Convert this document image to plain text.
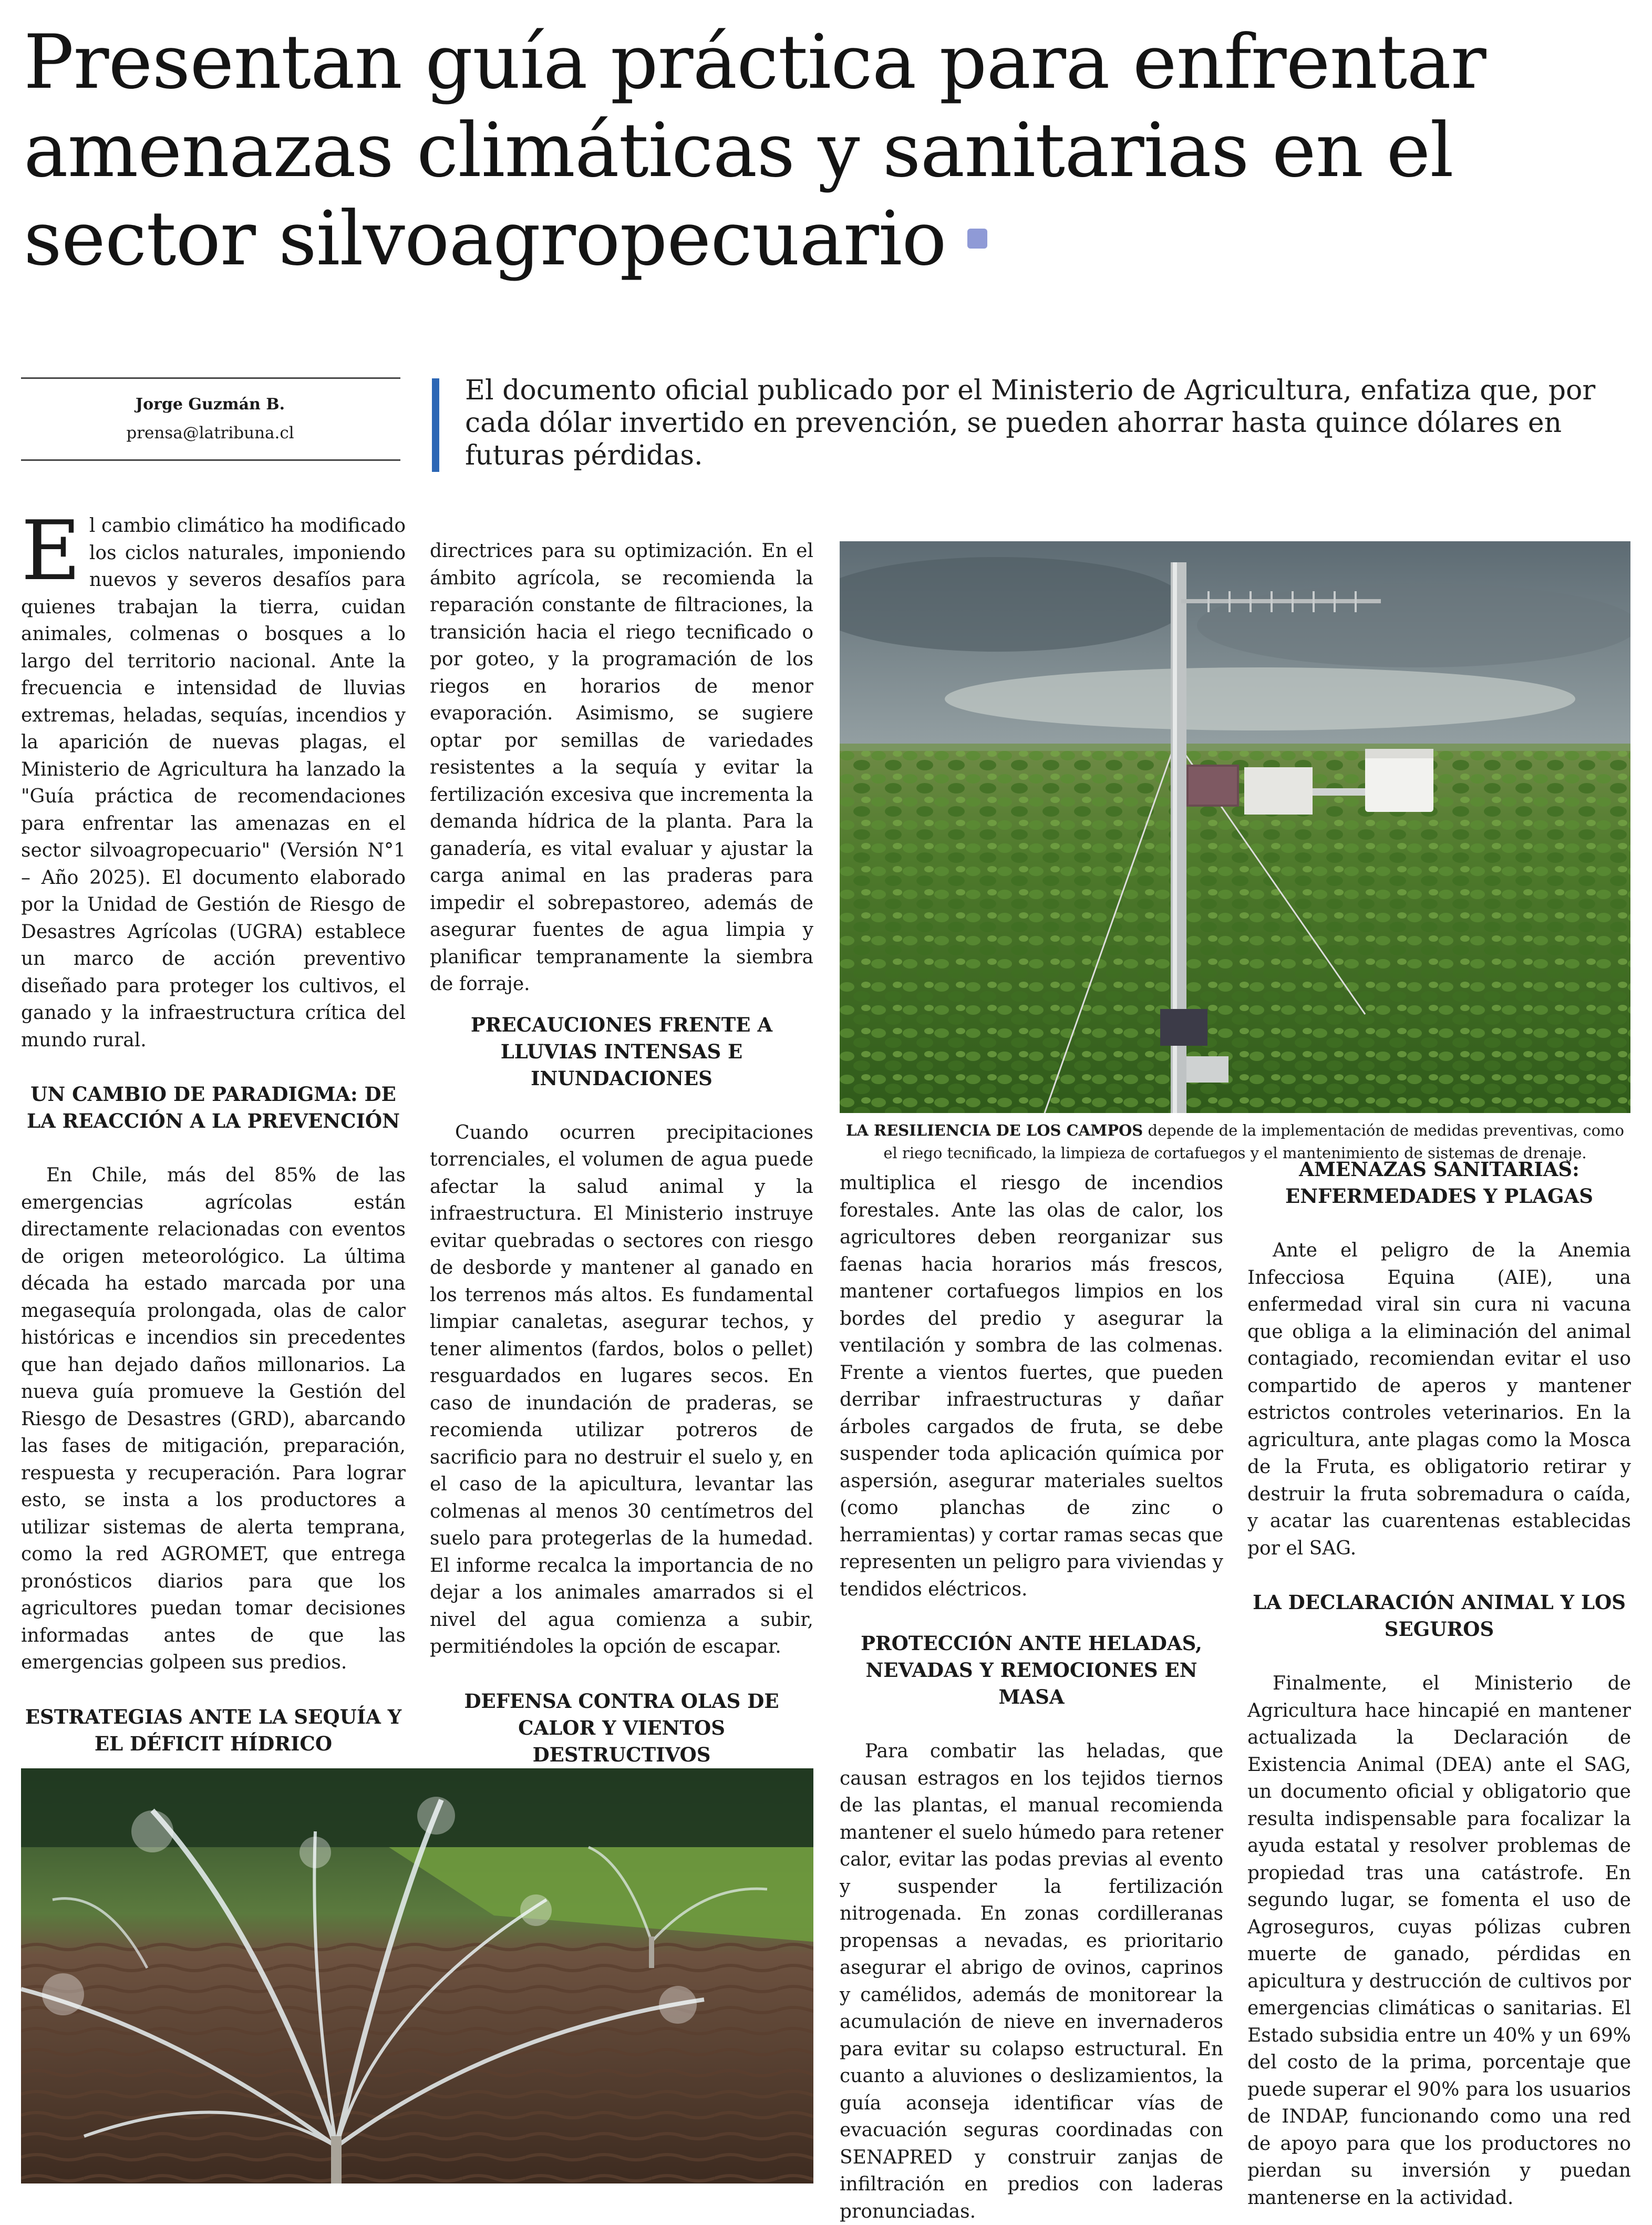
Presentan guía práctica para enfrentar amenazas climáticas y sanitarias en el sector silvoagropecuario
Jorge Guzmán B.
prensa@latribuna.cl
El documento oficial publicado por el Ministerio de Agricultura, enfatiza que, por cada dólar invertido en prevención, se pueden ahorrar hasta quince dólares en futuras pérdidas.

El cambio climático ha modificado los ciclos naturales, imponiendo nuevos y severos desafíos para quienes trabajan la tierra, cuidan animales, colmenas o bosques a lo largo del territorio nacional. Ante la frecuencia e intensidad de lluvias extremas, heladas, sequías, incendios y la aparición de nuevas plagas, el Ministerio de Agricultura ha lanzado la "Guía práctica de recomendaciones para enfrentar las amenazas en el sector silvoagropecuario" (Versión N°1 – Año 2025). El documento elaborado por la Unidad de Gestión de Riesgo de Desastres Agrícolas (UGRA) establece un marco de acción preventivo diseñado para proteger los cultivos, el ganado y la infraestructura crítica del mundo rural.

UN CAMBIO DE PARADIGMA: DE LA REACCIÓN A LA PREVENCIÓN

En Chile, más del 85% de las emergencias agrícolas están directamente relacionadas con eventos de origen meteorológico. La última década ha estado marcada por una megasequía prolongada, olas de calor históricas e incendios sin precedentes que han dejado daños millonarios. La nueva guía promueve la Gestión del Riesgo de Desastres (GRD), abarcando las fases de mitigación, preparación, respuesta y recuperación. Para lograr esto, se insta a los productores a utilizar sistemas de alerta temprana, como la red AGROMET, que entrega pronósticos diarios para que los agricultores puedan tomar decisiones informadas antes de que las emergencias golpeen sus predios.

ESTRATEGIAS ANTE LA SEQUÍA Y EL DÉFICIT HÍDRICO

directrices para su optimización. En el ámbito agrícola, se recomienda la reparación constante de filtraciones, la transición hacia el riego tecnificado o por goteo, y la programación de los riegos en horarios de menor evaporación. Asimismo, se sugiere optar por semillas de variedades resistentes a la sequía y evitar la fertilización excesiva que incrementa la demanda hídrica de la planta. Para la ganadería, es vital evaluar y ajustar la carga animal en las praderas para impedir el sobrepastoreo, además de asegurar fuentes de agua limpia y planificar tempranamente la siembra de forraje.

PRECAUCIONES FRENTE A LLUVIAS INTENSAS E INUNDACIONES

Cuando ocurren precipitaciones torrenciales, el volumen de agua puede afectar la salud animal y la infraestructura. El Ministerio instruye evitar quebradas o sectores con riesgo de desborde y mantener al ganado en los terrenos más altos. Es fundamental limpiar canaletas, asegurar techos, y tener alimentos (fardos, bolos o pellet) resguardados en lugares secos. En caso de inundación de praderas, se recomienda utilizar potreros de sacrificio para no destruir el suelo y, en el caso de la apicultura, levantar las colmenas al menos 30 centímetros del suelo para protegerlas de la humedad. El informe recalca la importancia de no dejar a los animales amarrados si el nivel del agua comienza a subir, permitiéndoles la opción de escapar.

DEFENSA CONTRA OLAS DE CALOR Y VIENTOS DESTRUCTIVOS

LA RESILIENCIA DE LOS CAMPOS depende de la implementación de medidas preventivas, como el riego tecnificado, la limpieza de cortafuegos y el mantenimiento de sistemas de drenaje.

multiplica el riesgo de incendios forestales. Ante las olas de calor, los agricultores deben reorganizar sus faenas hacia horarios más frescos, mantener cortafuegos limpios en los bordes del predio y asegurar la ventilación y sombra de las colmenas. Frente a vientos fuertes, que pueden derribar infraestructuras y dañar árboles cargados de fruta, se debe suspender toda aplicación química por aspersión, asegurar materiales sueltos (como planchas de zinc o herramientas) y cortar ramas secas que representen un peligro para viviendas y tendidos eléctricos.

PROTECCIÓN ANTE HELADAS, NEVADAS Y REMOCIONES EN MASA

Para combatir las heladas, que causan estragos en los tejidos tiernos de las plantas, el manual recomienda mantener el suelo húmedo para retener calor, evitar las podas previas al evento y suspender la fertilización nitrogenada. En zonas cordilleranas propensas a nevadas, es prioritario asegurar el abrigo de ovinos, caprinos y camélidos, además de monitorear la acumulación de nieve en invernaderos para evitar su colapso estructural. En cuanto a aluviones o deslizamientos, la guía aconseja identificar vías de evacuación seguras coordinadas con SENAPRED y construir zanjas de infiltración en predios con laderas pronunciadas.

AMENAZAS SANITARIAS: ENFERMEDADES Y PLAGAS

Ante el peligro de la Anemia Infecciosa Equina (AIE), una enfermedad viral sin cura ni vacuna que obliga a la eliminación del animal contagiado, recomiendan evitar el uso compartido de aperos y mantener estrictos controles veterinarios. En la agricultura, ante plagas como la Mosca de la Fruta, es obligatorio retirar y destruir la fruta sobremadura o caída, y acatar las cuarentenas establecidas por el SAG.

LA DECLARACIÓN ANIMAL Y LOS SEGUROS

Finalmente, el Ministerio de Agricultura hace hincapié en mantener actualizada la Declaración de Existencia Animal (DEA) ante el SAG, un documento oficial y obligatorio que resulta indispensable para focalizar la ayuda estatal y resolver problemas de propiedad tras una catástrofe. En segundo lugar, se fomenta el uso de Agroseguros, cuyas pólizas cubren muerte de ganado, pérdidas en apicultura y destrucción de cultivos por emergencias climáticas o sanitarias. El Estado subsidia entre un 40% y un 69% del costo de la prima, porcentaje que puede superar el 90% para los usuarios de INDAP, funcionando como una red de apoyo para que los productores no pierdan su inversión y puedan mantenerse en la actividad.
